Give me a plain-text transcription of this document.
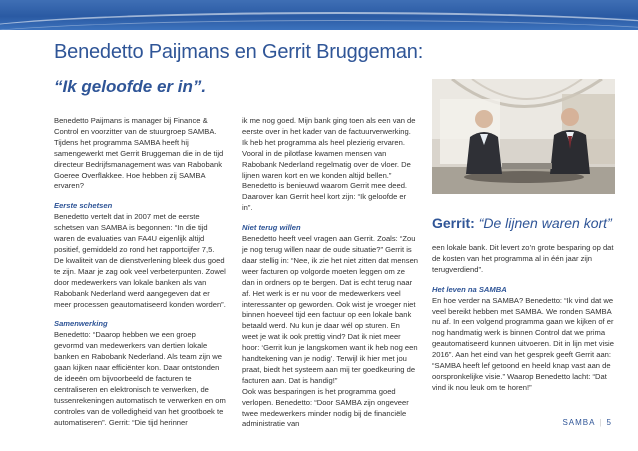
Benedetto Paijmans en Gerrit Bruggeman:
“Ik geloofde er in”.

Benedetto Paijmans is manager bij Finance & Control en voorzitter van de stuurgroep SAMBA. Tijdens het programma SAMBA heeft hij samengewerkt met Gerrit Bruggeman die in de tijd directeur Bedrijfsmanagement was van Rabobank Goeree Overflakkee. Hoe hebben zij SAMBA ervaren?

Eerste schetsen

Benedetto vertelt dat in 2007 met de eerste schetsen van SAMBA is begonnen: “In die tijd waren de evaluaties van FA4U eigenlijk altijd positief, gemiddeld zo rond het rapportcijfer 7,5. De kwaliteit van de dienstverlening bleek dus goed te zijn. Maar je zag ook veel verbeterpunten. Zowel door medewerkers van lokale banken als van Rabobank Nederland werd aangegeven dat er meer processen geautomatiseerd konden worden”.

Samenwerking

Benedetto: “Daarop hebben we een groep gevormd van medewerkers van dertien lokale banken en Rabobank Nederland. Als team zijn we gaan kijken naar efficiënter kon. Daar ontstonden de ideeën om bijvoorbeeld de facturen te centraliseren en elektronisch te verwerken, de tussenrekeningen automatisch te verwerken en om controles van de volledigheid van het grootboek te automatiseren”. Gerrit: “Die tijd herinner

ik me nog goed. Mijn bank ging toen als een van de eerste over in het kader van de factuurverwerking. Ik heb het programma als heel plezierig ervaren. Vooral in de pilotfase kwamen mensen van Rabobank Nederland regelmatig over de vloer. De lijnen waren kort en we konden altijd bellen.” Benedetto is benieuwd waarom Gerrit mee deed. Daarover kan Gerrit heel kort zijn: “Ik geloofde er in”.

Niet terug willen

Benedetto heeft veel vragen aan Gerrit. Zoals: “Zou je nog terug willen naar de oude situatie?” Gerrit is daar stellig in: “Nee, ik zie het niet zitten dat mensen weer facturen op volgorde moeten leggen om ze dan in ordners op te bergen. Dat is echt terug naar af. Het werk is er nu voor de medewerkers veel interessanter op geworden. Ook wist je vroeger niet binnen hoeveel tijd een factuur op een lokale bank betaald werd. Nu kun je daar wél op sturen. En weet je wat ik ook prettig vind? Dat ik niet meer hoor: ‘Gerrit kun je langskomen want ik heb nog een handtekening van je nodig’. Terwijl ik hier met jou praat, biedt het systeem aan mij ter goedkeuring de facturen aan. Dat is handig!”

Ook was besparingen is het programma goed verlopen. Benedetto: “Door SAMBA zijn ongeveer twee medewerkers minder nodig bij de financiële administratie van

Gerrit: “De lijnen waren kort”

een lokale bank. Dit levert zo’n grote besparing op dat de kosten van het programma al in één jaar zijn terugverdiend”.

Het leven na SAMBA

En hoe verder na SAMBA? Benedetto: “Ik vind dat we veel bereikt hebben met SAMBA. We ronden SAMBA nu af. In een volgend programma gaan we kijken of er nog handmatig werk is binnen Control dat we prima geautomatiseerd kunnen uitvoeren. Dit in lijn met visie 2016”. Aan het eind van het gesprek geeft Gerrit aan: “SAMBA heeft lef getoond en heeld knap vast aan de oorspronkelijke visie.” Waarop Benedetto lacht: “Dat vind ik nou leuk om te horen!”

SAMBA | 5
